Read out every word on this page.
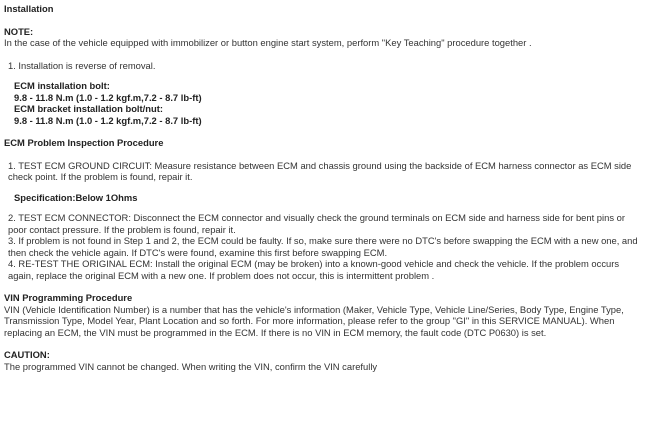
Installation
NOTE:
In the case of the vehicle equipped with immobilizer or button engine start system, perform "Key Teaching" procedure together .
1. Installation is reverse of removal.
ECM installation bolt:
9.8 - 11.8 N.m (1.0 - 1.2 kgf.m,7.2 - 8.7 lb-ft)
ECM bracket installation bolt/nut:
9.8 - 11.8 N.m (1.0 - 1.2 kgf.m,7.2 - 8.7 lb-ft)
ECM Problem Inspection Procedure
1. TEST ECM GROUND CIRCUIT: Measure resistance between ECM and chassis ground using the backside of ECM harness connector as ECM side check point. If the problem is found, repair it.
Specification:Below 1Ohms
2. TEST ECM CONNECTOR: Disconnect the ECM connector and visually check the ground terminals on ECM side and harness side for bent pins or poor contact pressure. If the problem is found, repair it.
3. If problem is not found in Step 1 and 2, the ECM could be faulty. If so, make sure there were no DTC's before swapping the ECM with a new one, and then check the vehicle again. If DTC's were found, examine this first before swapping ECM.
4. RE-TEST THE ORIGINAL ECM: Install the original ECM (may be broken) into a known-good vehicle and check the vehicle. If the problem occurs again, replace the original ECM with a new one. If problem does not occur, this is intermittent problem .
VIN Programming Procedure
VIN (Vehicle Identification Number) is a number that has the vehicle's information (Maker, Vehicle Type, Vehicle Line/Series, Body Type, Engine Type, Transmission Type, Model Year, Plant Location and so forth. For more information, please refer to the group "GI" in this SERVICE MANUAL). When replacing an ECM, the VIN must be programmed in the ECM. If there is no VIN in ECM memory, the fault code (DTC P0630) is set.
CAUTION:
The programmed VIN cannot be changed. When writing the VIN, confirm the VIN carefully
